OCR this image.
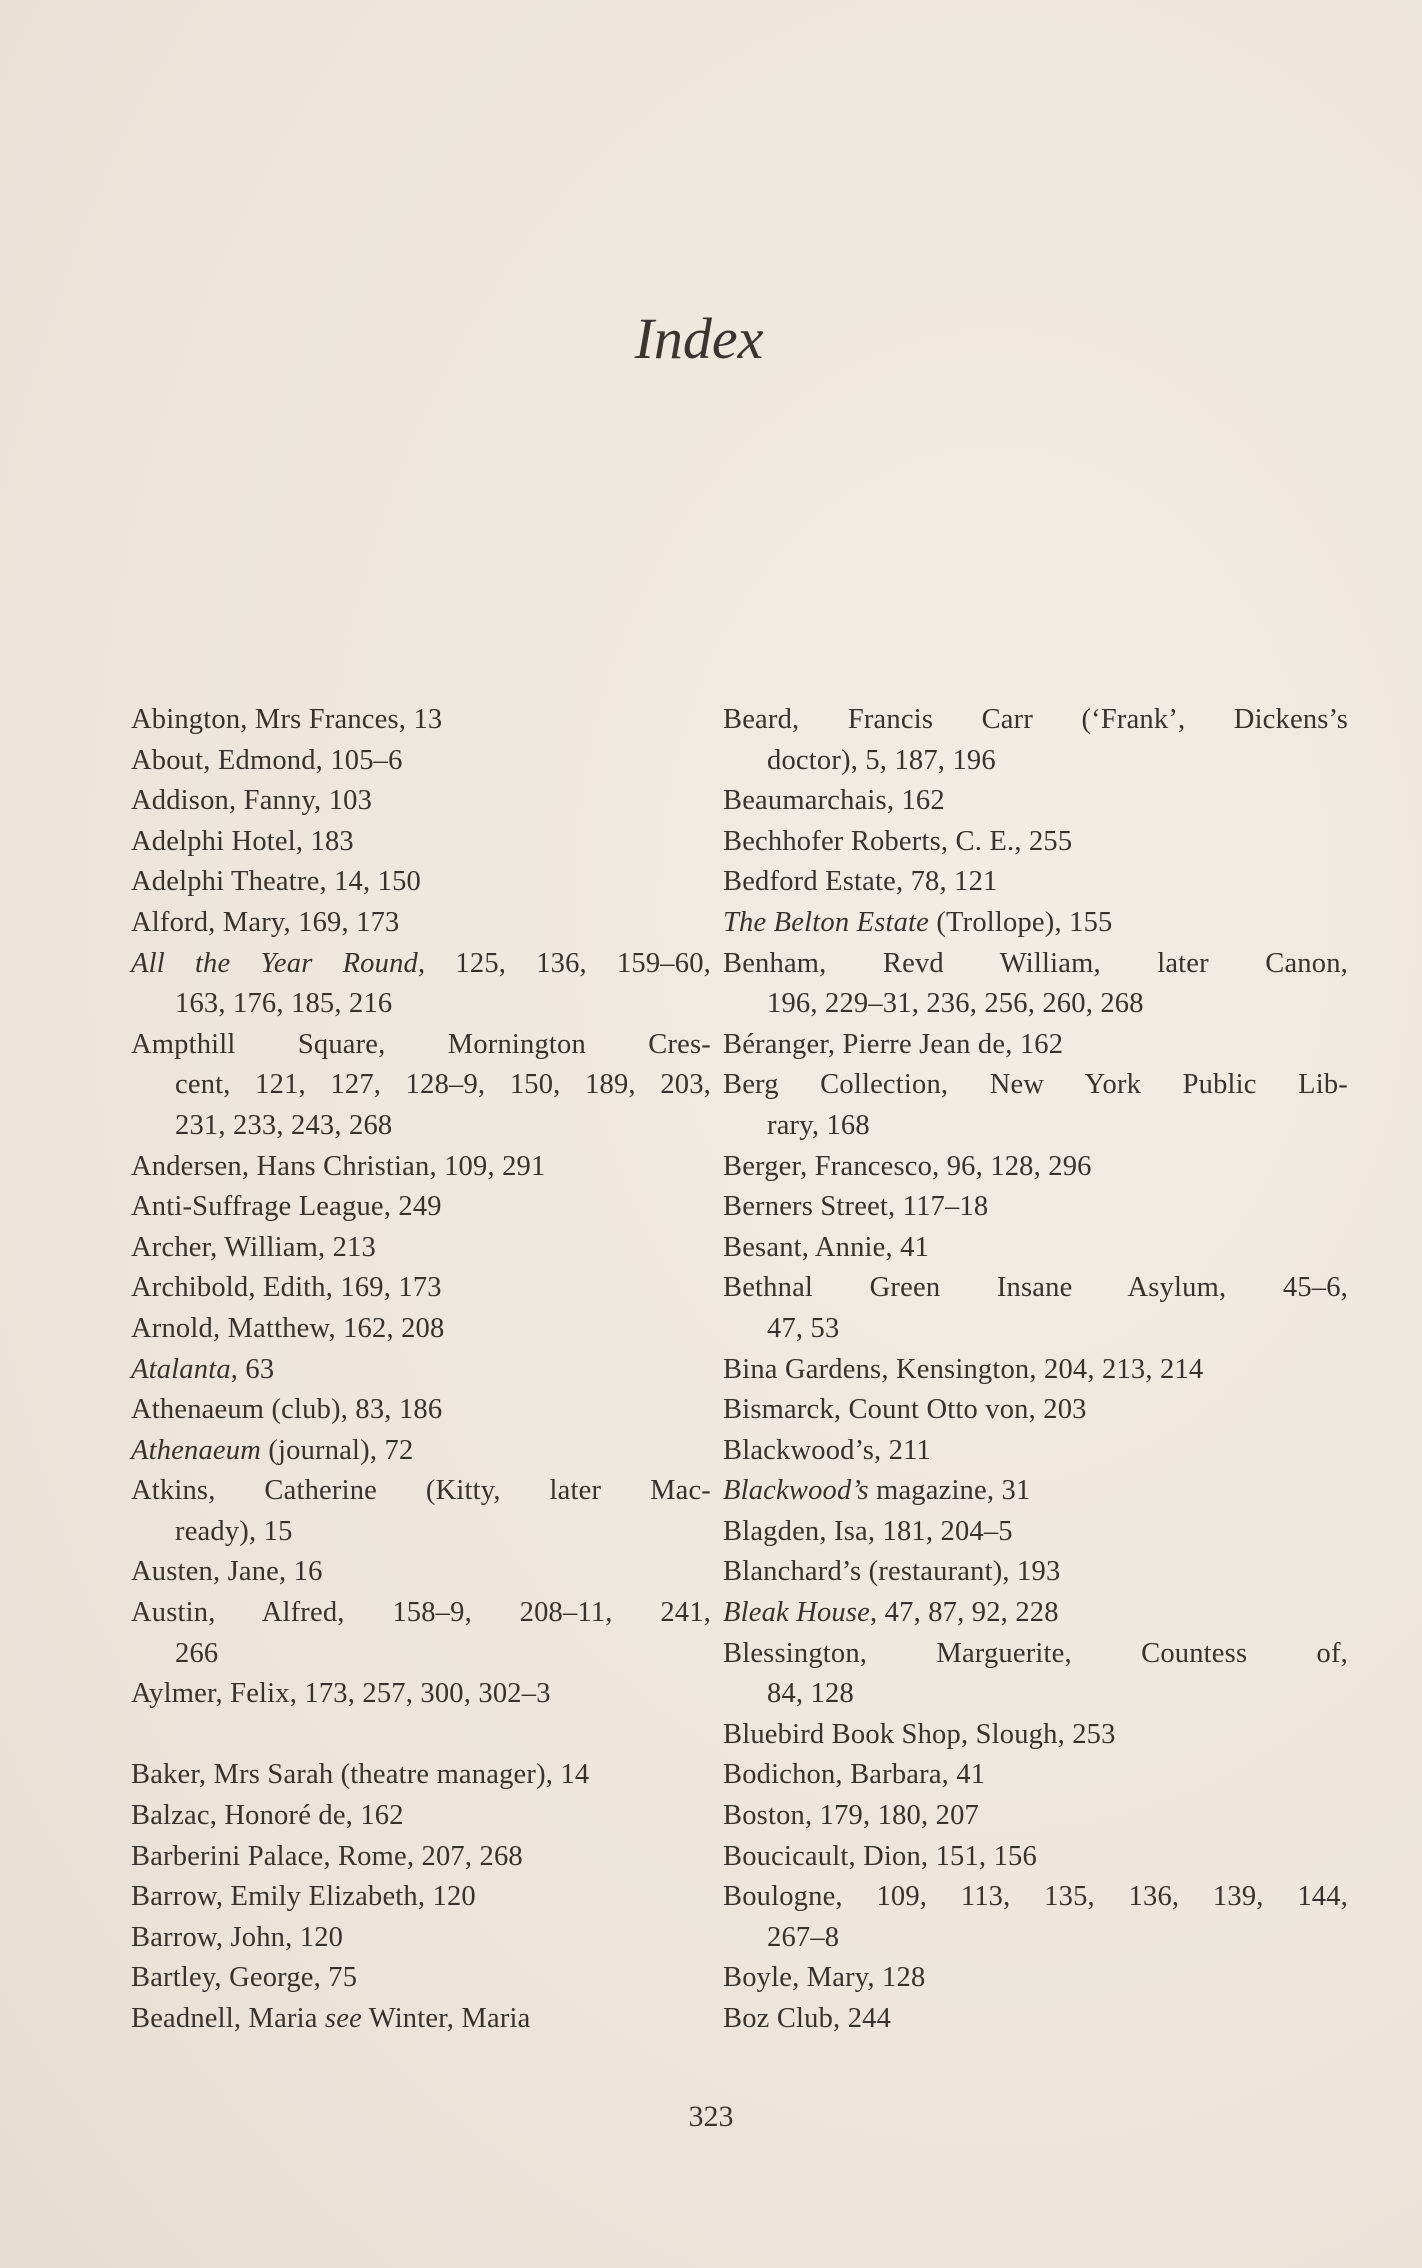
Index
Abington, Mrs Frances, 13
About, Edmond, 105–6
Addison, Fanny, 103
Adelphi Hotel, 183
Adelphi Theatre, 14, 150
Alford, Mary, 169, 173
All the Year Round, 125, 136, 159–60,
163, 176, 185, 216
Ampthill Square, Mornington Cres-
cent, 121, 127, 128–9, 150, 189, 203,
231, 233, 243, 268
Andersen, Hans Christian, 109, 291
Anti-Suffrage League, 249
Archer, William, 213
Archibold, Edith, 169, 173
Arnold, Matthew, 162, 208
Atalanta, 63
Athenaeum (club), 83, 186
Athenaeum (journal), 72
Atkins, Catherine (Kitty, later Mac-
ready), 15
Austen, Jane, 16
Austin, Alfred, 158–9, 208–11, 241,
266
Aylmer, Felix, 173, 257, 300, 302–3
Baker, Mrs Sarah (theatre manager), 14
Balzac, Honoré de, 162
Barberini Palace, Rome, 207, 268
Barrow, Emily Elizabeth, 120
Barrow, John, 120
Bartley, George, 75
Beadnell, Maria see Winter, Maria
Beard, Francis Carr (‘Frank’, Dickens’s
doctor), 5, 187, 196
Beaumarchais, 162
Bechhofer Roberts, C. E., 255
Bedford Estate, 78, 121
The Belton Estate (Trollope), 155
Benham, Revd William, later Canon,
196, 229–31, 236, 256, 260, 268
Béranger, Pierre Jean de, 162
Berg Collection, New York Public Lib-
rary, 168
Berger, Francesco, 96, 128, 296
Berners Street, 117–18
Besant, Annie, 41
Bethnal Green Insane Asylum, 45–6,
47, 53
Bina Gardens, Kensington, 204, 213, 214
Bismarck, Count Otto von, 203
Blackwood’s, 211
Blackwood’s magazine, 31
Blagden, Isa, 181, 204–5
Blanchard’s (restaurant), 193
Bleak House, 47, 87, 92, 228
Blessington, Marguerite, Countess of,
84, 128
Bluebird Book Shop, Slough, 253
Bodichon, Barbara, 41
Boston, 179, 180, 207
Boucicault, Dion, 151, 156
Boulogne, 109, 113, 135, 136, 139, 144,
267–8
Boyle, Mary, 128
Boz Club, 244
323
